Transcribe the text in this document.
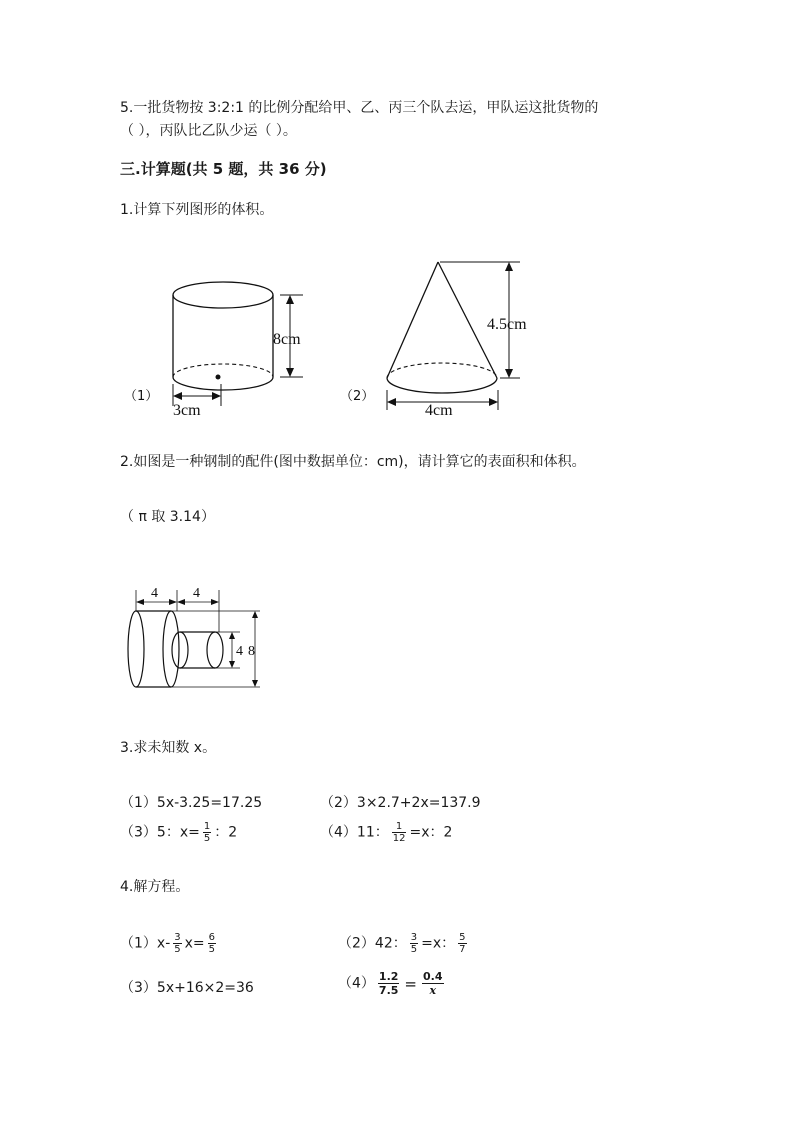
5.一批货物按 3:2:1 的比例分配给甲、乙、丙三个队去运，甲队运这批货物的
（ ），丙队比乙队少运（ ）。
三.计算题(共 5 题，共 36 分)
1.计算下列图形的体积。
8cm
3cm
（1）
4.5cm
4cm
（2）
2.如图是一种钢制的配件(图中数据单位：cm)，请计算它的表面积和体积。
（ π 取 3.14）
4	4
4 8
3.求未知数 x。
（1）5x-3.25=17.25	（2）3×2.7+2x=137.9
（3）5：$x= \frac{1}{5}$ ：2	（4）11： $\frac{1}{12} =x$：2
4.解方程。
$(1)x- \frac{3}{5} x= \frac{6}{5}$	（2）42： $\frac{3}{5} =x$： $\frac{5}{7}$
（3）5x+16×2=36	$(4) \frac{1.2}{7.5} = \frac{0.4}{x}$
